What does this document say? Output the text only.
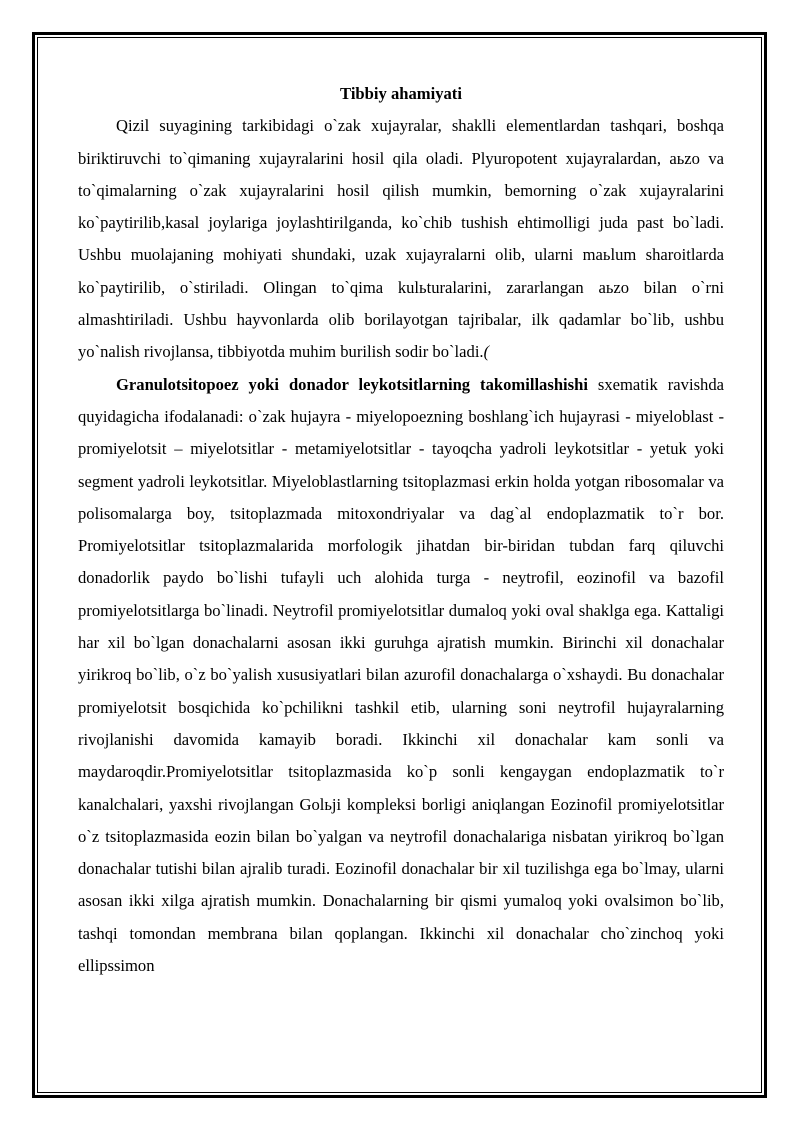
Tibbiy ahamiyati

Qizil suyagining tarkibidagi o`zak xujayralar, shaklli elementlardan tashqari, boshqa biriktiruvchi to`qimaning xujayralarini hosil qila oladi. Plyuropotent xujayralardan, aьzo va to`qimalarning o`zak xujayralarini hosil qilish mumkin, bemorning o`zak xujayralarini ko`paytirilib,kasal joylariga joylashtirilganda, ko`chib tushish ehtimolligi juda past bo`ladi. Ushbu muolajaning mohiyati shundaki, uzak xujayralarni olib, ularni maьlum sharoitlarda ko`paytirilib, o`stiriladi. Olingan to`qima kulьturalarini, zararlangan aьzo bilan o`rni almashtiriladi. Ushbu hayvonlarda olib borilayotgan tajribalar, ilk qadamlar bo`lib, ushbu yo`nalish rivojlansa, tibbiyotda muhim burilish sodir bo`ladi.(

Granulotsitopoez yoki donador leykotsitlarning takomillashishi sxematik ravishda quyidagicha ifodalanadi: o`zak hujayra - miyelopoezning boshlang`ich hujayrasi - miyeloblast - promiyelotsit – miyelotsitlar - metamiyelotsitlar - tayoqcha yadroli leykotsitlar - yetuk yoki segment yadroli leykotsitlar. Miyeloblastlarning tsitoplazmasi erkin holda yotgan ribosomalar va polisomalarga boy, tsitoplazmada mitoxondriyalar va dag`al endoplazmatik to`r bor. Promiyelotsitlar tsitoplazmalarida morfologik jihatdan bir-biridan tubdan farq qiluvchi donadorlik paydo bo`lishi tufayli uch alohida turga - neytrofil, eozinofil va bazofil promiyelotsitlarga bo`linadi. Neytrofil promiyelotsitlar dumaloq yoki oval shaklga ega. Kattaligi har xil bo`lgan donachalarni asosan ikki guruhga ajratish mumkin. Birinchi xil donachalar yirikroq bo`lib, o`z bo`yalish xususiyatlari bilan azurofil donachalarga o`xshaydi. Bu donachalar promiyelotsit bosqichida ko`pchilikni tashkil etib, ularning soni neytrofil hujayralarning rivojlanishi davomida kamayib boradi. Ikkinchi xil donachalar kam sonli va maydaroqdir.Promiyelotsitlar tsitoplazmasida ko`p sonli kengaygan endoplazmatik to`r kanalchalari, yaxshi rivojlangan Golьji kompleksi borligi aniqlangan Eozinofil promiyelotsitlar o`z tsitoplazmasida eozin bilan bo`yalgan va neytrofil donachalariga nisbatan yirikroq bo`lgan donachalar tutishi bilan ajralib turadi. Eozinofil donachalar bir xil tuzilishga ega bo`lmay, ularni asosan ikki xilga ajratish mumkin. Donachalarning bir qismi yumaloq yoki ovalsimon bo`lib, tashqi tomondan membrana bilan qoplangan. Ikkinchi xil donachalar cho`zinchoq yoki ellipssimon
